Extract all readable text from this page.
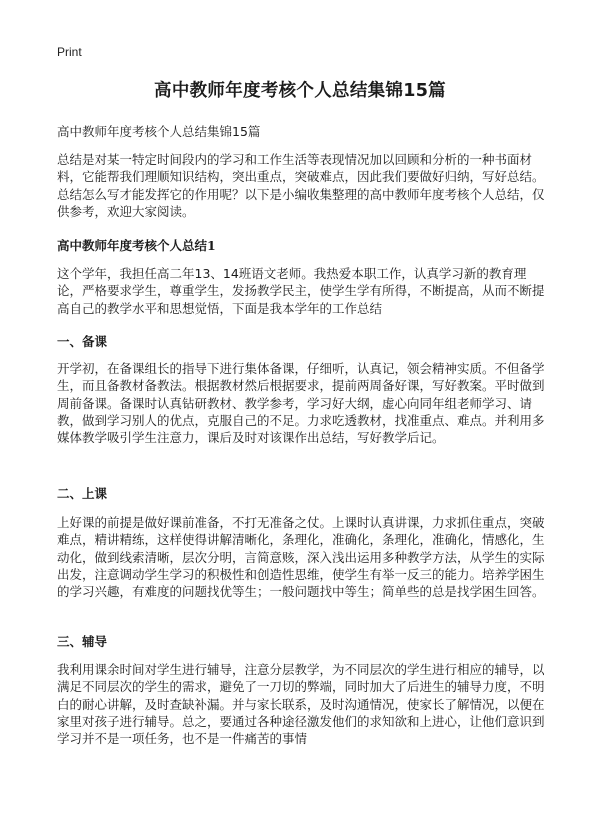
Print
高中教师年度考核个人总结集锦15篇
高中教师年度考核个人总结集锦15篇

总结是对某一特定时间段内的学习和工作生活等表现情况加以回顾和分析的一种书面材料，它能帮我们理顺知识结构，突出重点，突破难点，因此我们要做好归纳，写好总结。总结怎么写才能发挥它的作用呢？以下是小编收集整理的高中教师年度考核个人总结，仅供参考，欢迎大家阅读。

高中教师年度考核个人总结1

这个学年，我担任高二年13、14班语文老师。我热爱本职工作，认真学习新的教育理论，严格要求学生，尊重学生，发扬教学民主，使学生学有所得，不断提高，从而不断提高自己的教学水平和思想觉悟，下面是我本学年的工作总结

一、备课

开学初，在备课组长的指导下进行集体备课，仔细听，认真记，领会精神实质。不但备学生，而且备教材备教法。根据教材然后根据要求，提前两周备好课，写好教案。平时做到周前备课。备课时认真钻研教材、教学参考，学习好大纲，虚心向同年组老师学习、请教，做到学习别人的优点，克服自己的不足。力求吃透教材，找准重点、难点。并利用多媒体教学吸引学生注意力，课后及时对该课作出总结，写好教学后记。

二、上课

上好课的前提是做好课前准备，不打无准备之仗。上课时认真讲课，力求抓住重点，突破难点，精讲精练，这样使得讲解清晰化，条理化，准确化，条理化，准确化，情感化，生动化，做到线索清晰，层次分明，言简意赅，深入浅出运用多种教学方法，从学生的实际出发，注意调动学生学习的积极性和创造性思维，使学生有举一反三的能力。培养学困生的学习兴趣，有难度的问题找优等生；一般问题找中等生；简单些的总是找学困生回答。

三、辅导

我利用课余时间对学生进行辅导，注意分层教学，为不同层次的学生进行相应的辅导，以满足不同层次的学生的需求，避免了一刀切的弊端，同时加大了后进生的辅导力度，不明白的耐心讲解，及时查缺补漏。并与家长联系，及时沟通情况，使家长了解情况，以便在家里对孩子进行辅导。总之，要通过各种途径激发他们的求知欲和上进心，让他们意识到学习并不是一项任务，也不是一件痛苦的事情
